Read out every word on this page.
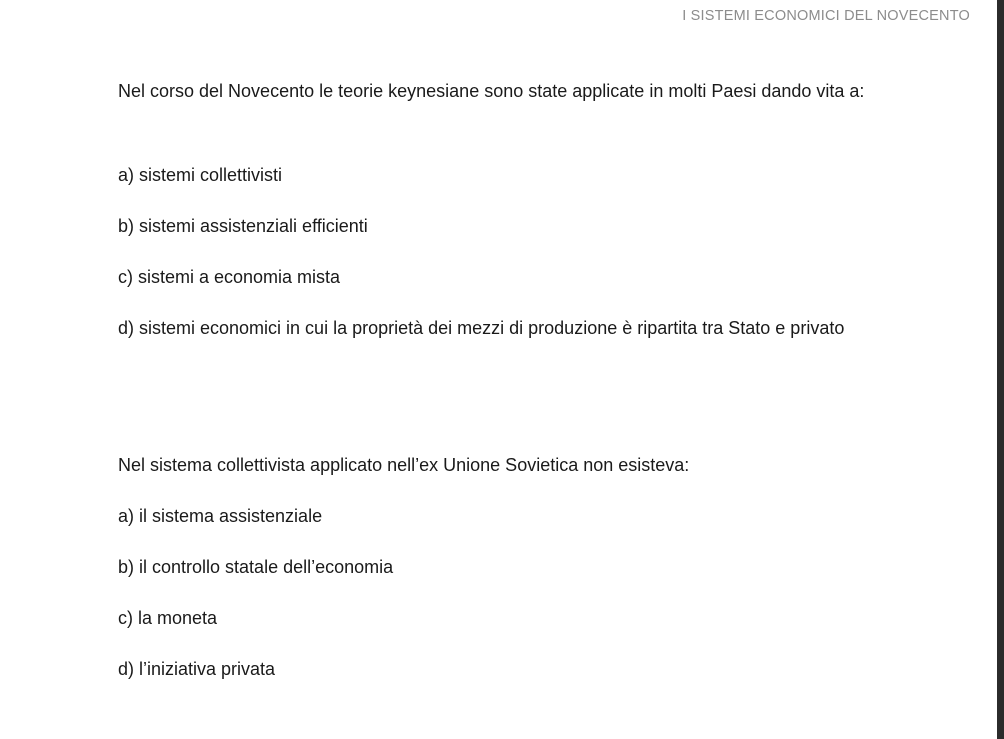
I SISTEMI ECONOMICI DEL NOVECENTO
Nel corso del Novecento le teorie keynesiane sono state applicate in molti Paesi dando vita a:
a) sistemi collettivisti
b) sistemi assistenziali efficienti
c) sistemi a economia mista
d) sistemi economici in cui la proprietà dei mezzi di produzione è ripartita tra Stato e privato
Nel sistema collettivista applicato nell’ex Unione Sovietica non esisteva:
a) il sistema assistenziale
b) il controllo statale dell’economia
c) la moneta
d) l’iniziativa privata
